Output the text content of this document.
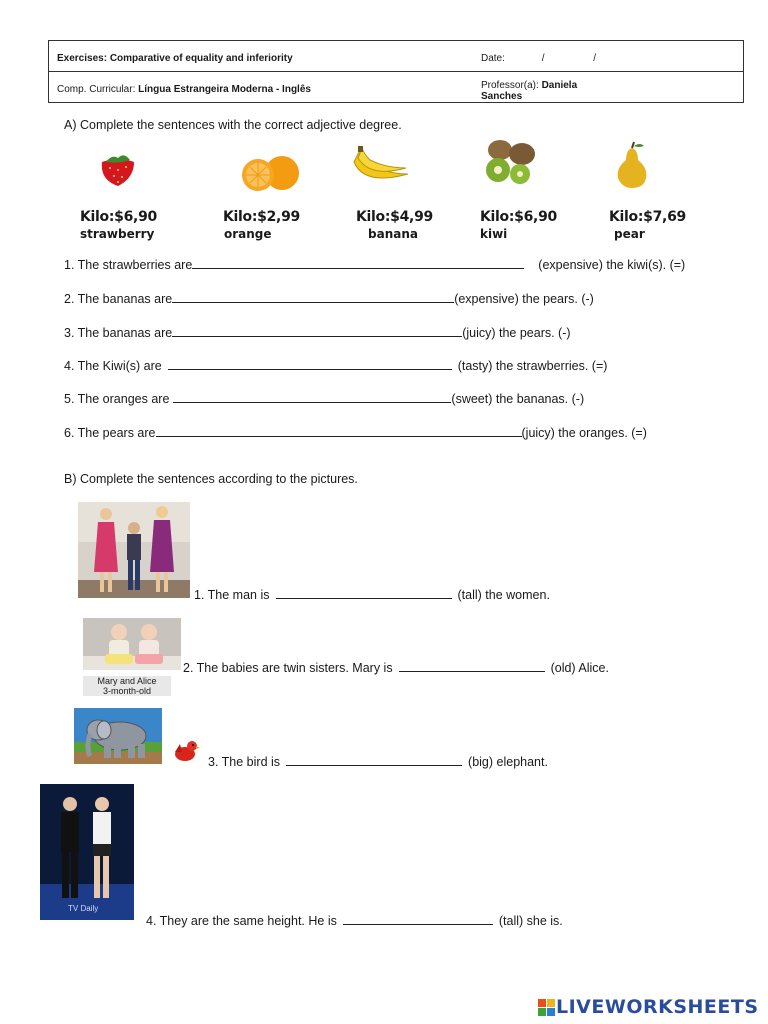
Exercises: Comparative of equality and inferiority	Date:	/	/
Comp. Curricular: Língua Estrangeira Moderna - Inglês	Professor(a): Daniela
Sanches
A) Complete the sentences with the correct adjective degree.
Kilo:$6,90
strawberry
Kilo:$2,99
orange
Kilo:$4,99
banana
Kilo:$6,90
kiwi
Kilo:$7,69
pear
1. The strawberries are	(expensive) the kiwi(s). (=)
2. The bananas are	(expensive) the pears. (-)
3. The bananas are	(juicy) the pears. (-)
4. The Kiwi(s) are	(tasty) the strawberries. (=)
5. The oranges are	(sweet) the bananas. (-)
6. The pears are	(juicy) the oranges. (=)
B) Complete the sentences according to the pictures.
1. The man is	(tall) the women.
Mary and Alice
3-month-old
2. The babies are twin sisters. Mary is	(old) Alice.
3. The bird is	(big) elephant.
TV Daily
4. They are the same height. He is	(tall) she is.
LIVEWORKSHEETS
